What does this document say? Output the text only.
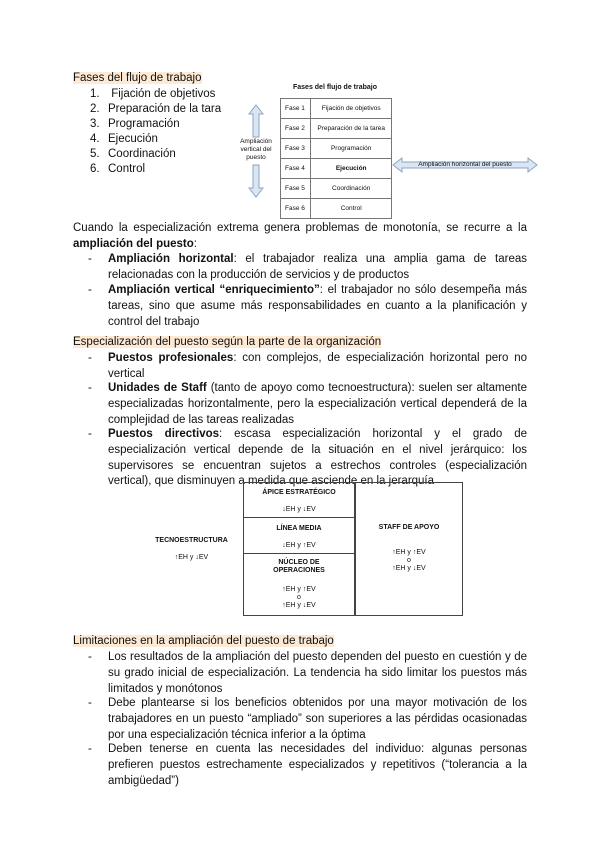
Fases del flujo de trabajo
1. Fijación de objetivos
2. Preparación de la tara
3. Programación
4. Ejecución
5. Coordinación
6. Control
Fases del flujo de trabajo
Fase 1	Fijación de objetivos
Fase 2	Preparación de la tarea
Fase 3	Programación
Fase 4	Ejecución
Fase 5	Coordinación
Fase 6	Control
Ampliación vertical del puesto
Ampliación horizontal del puesto
Cuando la especialización extrema genera problemas de monotonía, se recurre a la ampliación del puesto:
- Ampliación horizontal: el trabajador realiza una amplia gama de tareas relacionadas con la producción de servicios y de productos
- Ampliación vertical “enriquecimiento”: el trabajador no sólo desempeña más tareas, sino que asume más responsabilidades en cuanto a la planificación y control del trabajo
Especialización del puesto según la parte de la organización
- Puestos profesionales: con complejos, de especialización horizontal pero no vertical
- Unidades de Staff (tanto de apoyo como tecnoestructura): suelen ser altamente especializadas horizontalmente, pero la especialización vertical dependerá de la complejidad de las tareas realizadas
- Puestos directivos: escasa especialización horizontal y el grado de especialización vertical depende de la situación en el nivel jerárquico: los supervisores se encuentran sujetos a estrechos controles (especialización vertical), que disminuyen a medida que asciende en la jerarquía
ÁPICE ESTRATÉGICO
↓EH y ↓EV
LÍNEA MEDIA
↓EH y ↑EV
NÚCLEO DE
OPERACIONES
↑EH y ↑EV
o
↑EH y ↓EV
TECNOESTRUCTURA
↑EH y ↓EV
STAFF DE APOYO
↑EH y ↑EV
o
↑EH y ↓EV
Limitaciones en la ampliación del puesto de trabajo
- Los resultados de la ampliación del puesto dependen del puesto en cuestión y de su grado inicial de especialización. La tendencia ha sido limitar los puestos más limitados y monótonos
- Debe plantearse si los beneficios obtenidos por una mayor motivación de los trabajadores en un puesto “ampliado” son superiores a las pérdidas ocasionadas por una especialización técnica inferior a la óptima
- Deben tenerse en cuenta las necesidades del individuo: algunas personas prefieren puestos estrechamente especializados y repetitivos (“tolerancia a la ambigüedad”)
